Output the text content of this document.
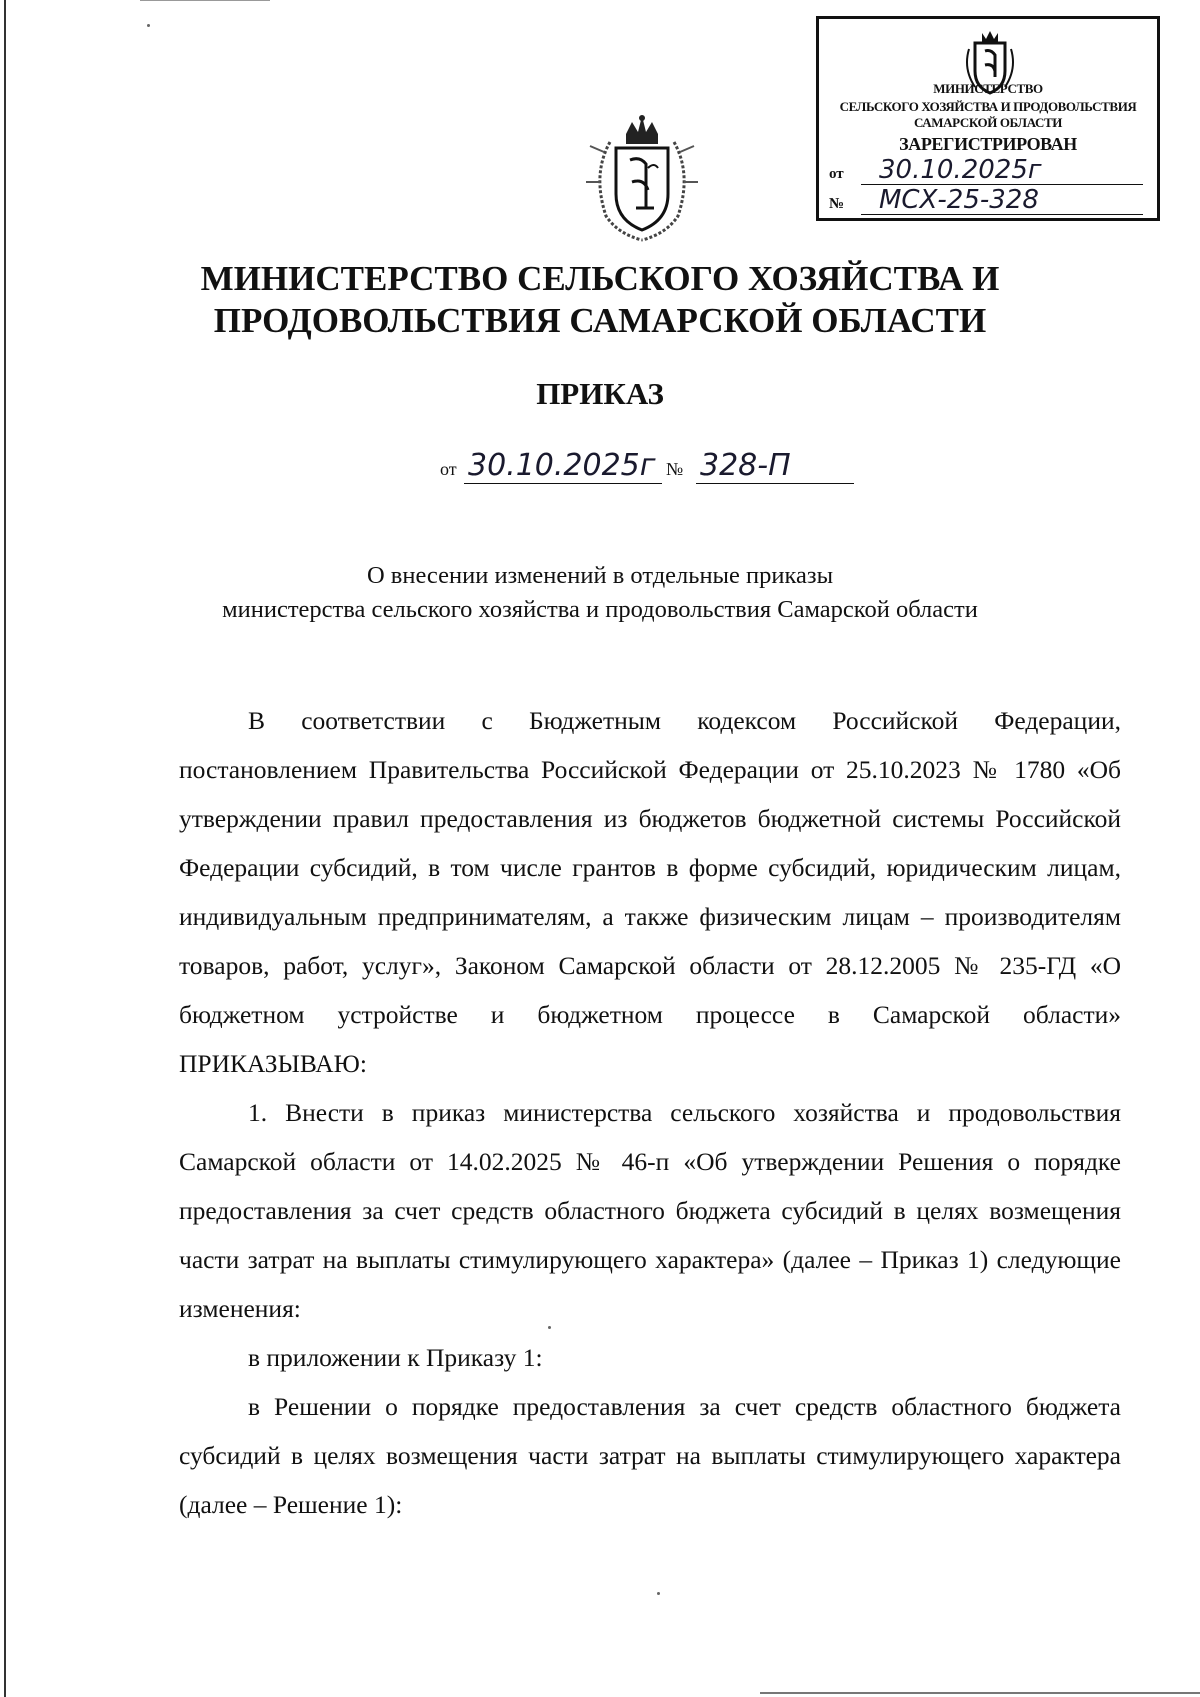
МИНИСТЕРСТВО
СЕЛЬСКОГО ХОЗЯЙСТВА И ПРОДОВОЛЬСТВИЯ
САМАРСКОЙ ОБЛАСТИ
ЗАРЕГИСТРИРОВАН
от	30.10.2025г
№	МСХ-25-328
МИНИСТЕРСТВО СЕЛЬСКОГО ХОЗЯЙСТВА И
ПРОДОВОЛЬСТВИЯ САМАРСКОЙ ОБЛАСТИ
ПРИКАЗ
от 30.10.2025г № 328-П

О внесении изменений в отдельные приказы
министерства сельского хозяйства и продовольствия Самарской области

В соответствии с Бюджетным кодексом Российской Федерации, постановлением Правительства Российской Федерации от 25.10.2023 № 1780 «Об утверждении правил предоставления из бюджетов бюджетной системы Российской Федерации субсидий, в том числе грантов в форме субсидий, юридическим лицам, индивидуальным предпринимателям, а также физическим лицам – производителям товаров, работ, услуг», Законом Самарской области от 28.12.2005 № 235-ГД «О бюджетном устройстве и бюджетном процессе в Самарской области» ПРИКАЗЫВАЮ:

1. Внести в приказ министерства сельского хозяйства и продовольствия Самарской области от 14.02.2025 № 46-п «Об утверждении Решения о порядке предоставления за счет средств областного бюджета субсидий в целях возмещения части затрат на выплаты стимулирующего характера» (далее – Приказ 1) следующие изменения:

в приложении к Приказу 1:

в Решении о порядке предоставления за счет средств областного бюджета субсидий в целях возмещения части затрат на выплаты стимулирующего характера (далее – Решение 1):
